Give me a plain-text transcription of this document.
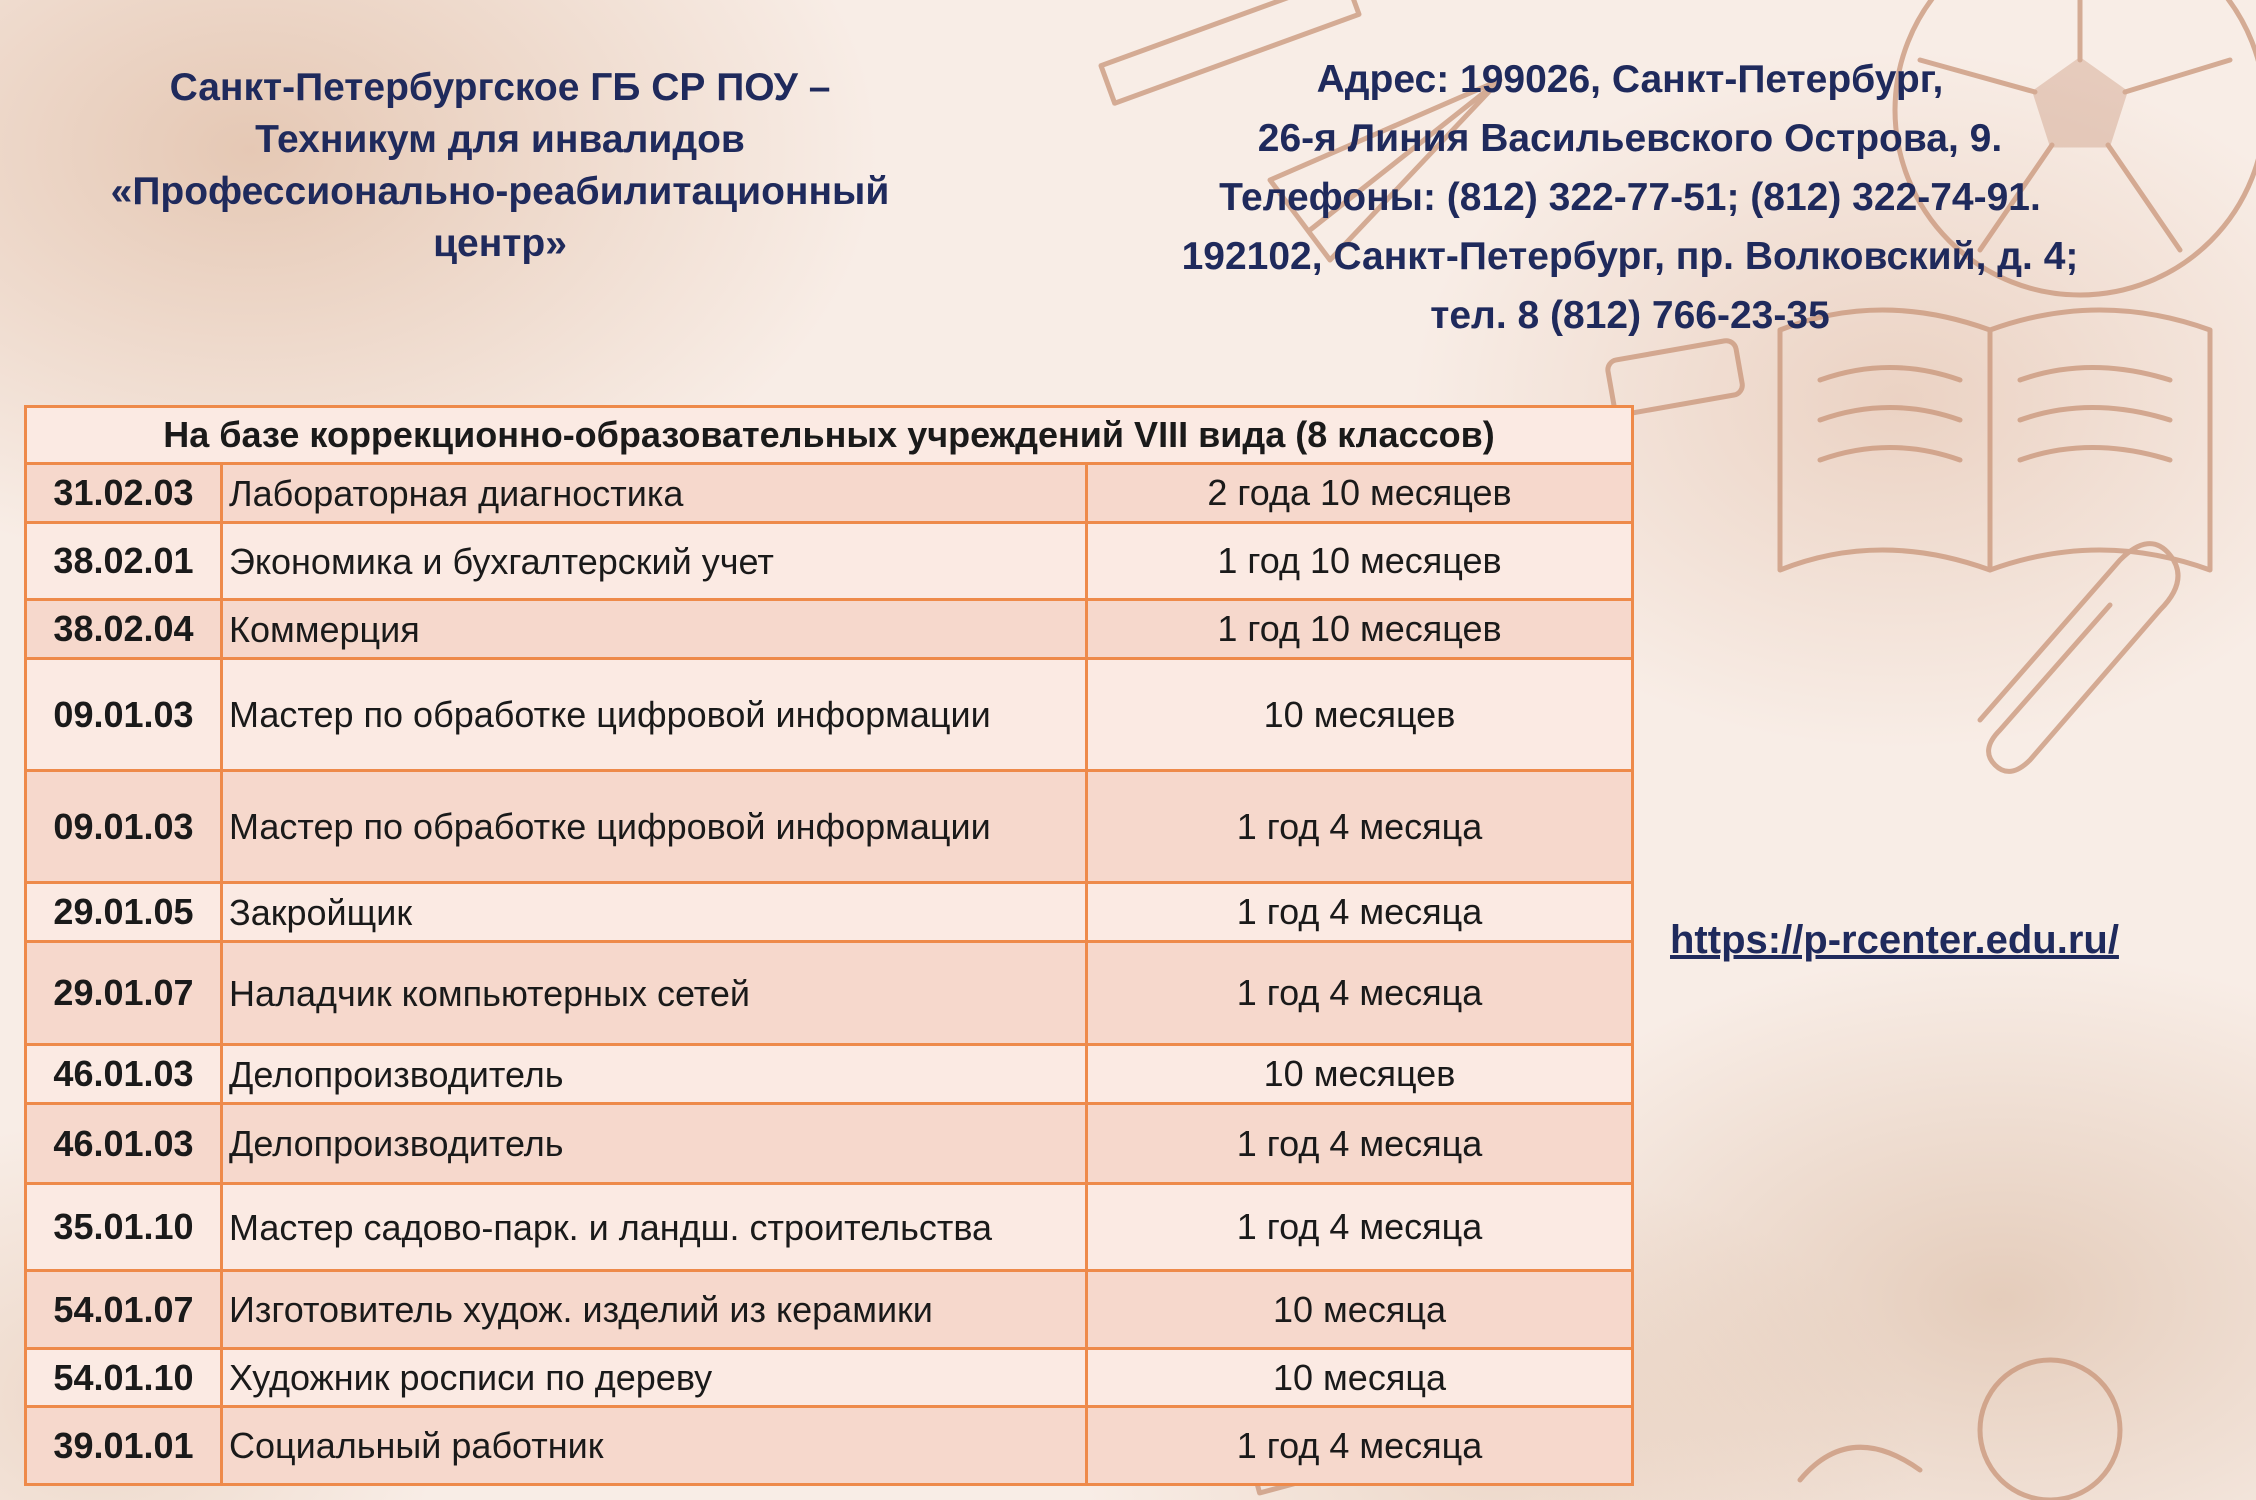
Санкт-Петербургское ГБ СР ПОУ –
Техникум для инвалидов
«Профессионально-реабилитационный
центр»
Адрес: 199026, Санкт-Петербург,
26-я Линия Васильевского Острова, 9.
Телефоны: (812) 322-77-51; (812) 322-74-91.
192102, Санкт-Петербург, пр. Волковский, д. 4;
тел. 8 (812) 766-23-35
https://p-rcenter.edu.ru/
На базе коррекционно-образовательных учреждений VIII вида (8 классов)		
31.02.03	Лабораторная диагностика	2 года 10 месяцев
38.02.01	Экономика и бухгалтерский учет	1 год 10 месяцев
38.02.04	Коммерция	1 год 10 месяцев
09.01.03	Мастер по обработке цифровой информации	10 месяцев
09.01.03	Мастер по обработке цифровой информации	1 год 4 месяца
29.01.05	Закройщик	1 год 4 месяца
29.01.07	Наладчик компьютерных сетей	1 год 4 месяца
46.01.03	Делопроизводитель	10 месяцев
46.01.03	Делопроизводитель	1 год 4 месяца
35.01.10	Мастер садово-парк. и ландш. строительства	1 год 4 месяца
54.01.07	Изготовитель худож. изделий из керамики	10 месяца
54.01.10	Художник росписи по дереву	10 месяца
39.01.01	Социальный работник	1 год 4 месяца
